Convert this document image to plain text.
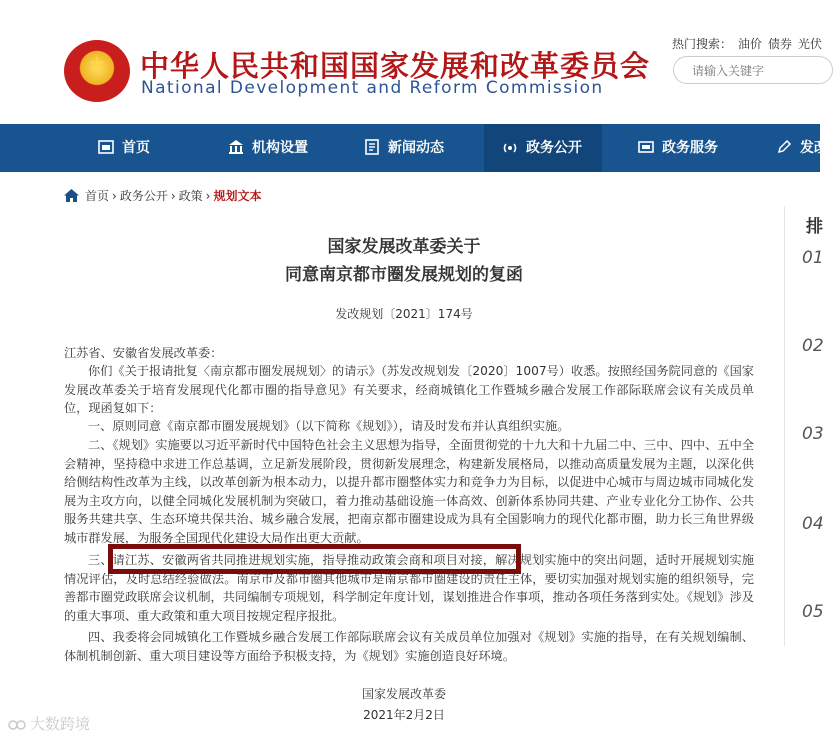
★	中华人民共和国国家发展和改革委员会
National Development and Reform Commission
热门搜索： 油价 债券 光伏
请输入关键字
首页	机构设置	新闻动态	政务公开	政务服务	发改
首页 › 政务公开 › 政策 › 规划文本
国家发展改革委关于
同意南京都市圈发展规划的复函
发改规划〔2021〕174号
江苏省、安徽省发展改革委：
你们《关于报请批复〈南京都市圈发展规划〉的请示》（苏发改规划发〔2020〕1007号）收悉。按照经国务院同意的《国家发展改革委关于培育发展现代化都市圈的指导意见》有关要求，经商城镇化工作暨城乡融合发展工作部际联席会议有关成员单位，现函复如下：
一、原则同意《南京都市圈发展规划》（以下简称《规划》），请及时发布并认真组织实施。
二、《规划》实施要以习近平新时代中国特色社会主义思想为指导，全面贯彻党的十九大和十九届二中、三中、四中、五中全会精神，坚持稳中求进工作总基调，立足新发展阶段，贯彻新发展理念，构建新发展格局，以推动高质量发展为主题，以深化供给侧结构性改革为主线，以改革创新为根本动力，以提升都市圈整体实力和竞争力为目标，以促进中心城市与周边城市同城化发展为主攻方向，以健全同城化发展机制为突破口，着力推动基础设施一体高效、创新体系协同共建、产业专业化分工协作、公共服务共建共享、生态环境共保共治、城乡融合发展，把南京都市圈建设成为具有全国影响力的现代化都市圈，助力长三角世界级城市群发展，为服务全国现代化建设大局作出更大贡献。
三、请江苏、安徽两省共同推进规划实施，指导推动政策会商和项目对接，解决规划实施中的突出问题，适时开展规划实施情况评估，及时总结经验做法。南京市及都市圈其他城市是南京都市圈建设的责任主体，要切实加强对规划实施的组织领导，完善都市圈党政联席会议机制，共同编制专项规划，科学制定年度计划，谋划推进合作事项，推动各项任务落到实处。《规划》涉及的重大事项、重大政策和重大项目按规定程序报批。
四、我委将会同城镇化工作暨城乡融合发展工作部际联席会议有关成员单位加强对《规划》实施的指导，在有关规划编制、体制机制创新、重大项目建设等方面给予积极支持，为《规划》实施创造良好环境。
国家发展改革委
2021年2月2日
排
01
02
03
04
05
大数跨境
